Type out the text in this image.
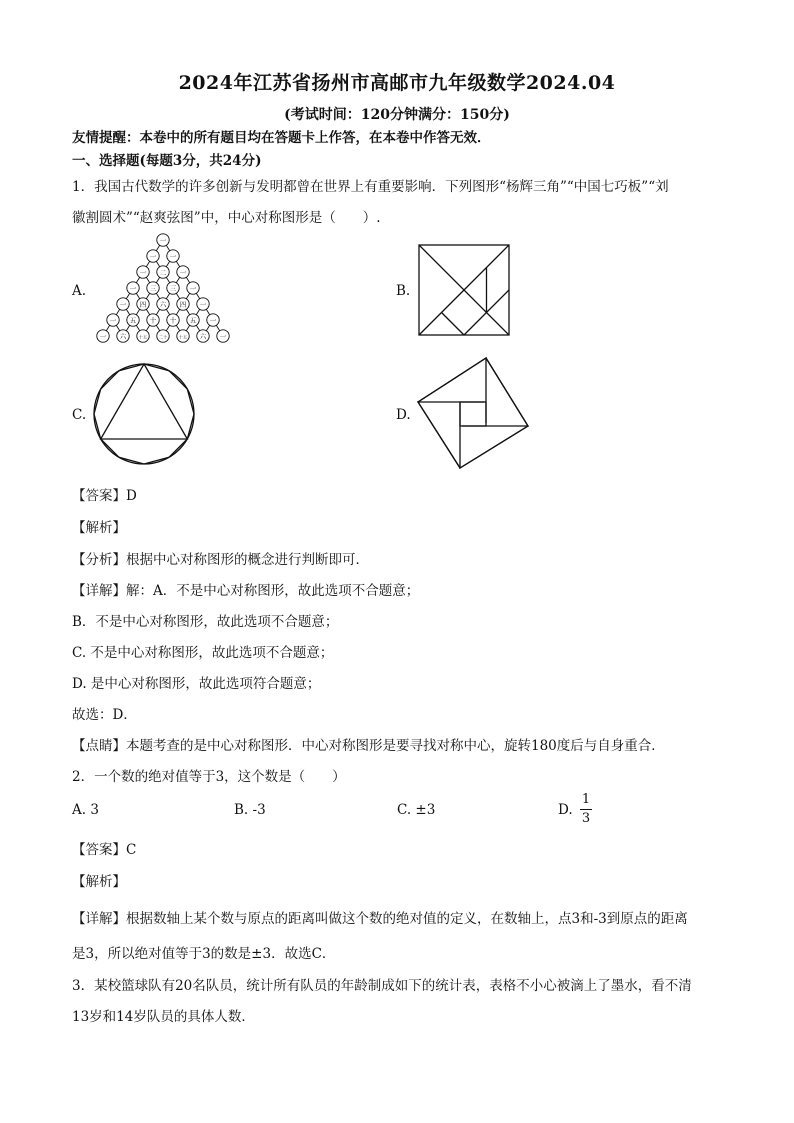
2024年江苏省扬州市高邮市九年级数学2024.04
(考试时间：120分钟满分：150分)
友情提醒：本卷中的所有题目均在答题卡上作答，在本卷中作答无效．
一、选择题(每题3分，共24分)
1．我国古代数学的许多创新与发明都曾在世界上有重要影响．下列图形“杨辉三角”“中国七巧板”“刘
徽割圆术”“赵爽弦图”中，中心对称图形是（　　）.
A.
一
一 一
一 二 一
一 三 三 一
一 四 六 四 一
一 五 十 十 五 一
一 六	十五	二十	十五 六 一
B.
C.	D.
【答案】D
【解析】
【分析】根据中心对称图形的概念进行判断即可．
【详解】解：A．不是中心对称图形，故此选项不合题意；
B．不是中心对称图形，故此选项不合题意；
C. 不是中心对称图形，故此选项不合题意；
D. 是中心对称图形，故此选项符合题意；
故选：D．
【点睛】本题考查的是中心对称图形．中心对称图形是要寻找对称中心，旋转180度后与自身重合．
2．一个数的绝对值等于3，这个数是（　　）
A. 3	B. -3	C. ±3	D.
1
3
【答案】C
【解析】
【详解】根据数轴上某个数与原点的距离叫做这个数的绝对值的定义，在数轴上，点3和-3到原点的距离
是3，所以绝对值等于3的数是±3．故选C．
3．某校篮球队有20名队员，统计所有队员的年龄制成如下的统计表，表格不小心被滴上了墨水，看不清
13岁和14岁队员的具体人数．
